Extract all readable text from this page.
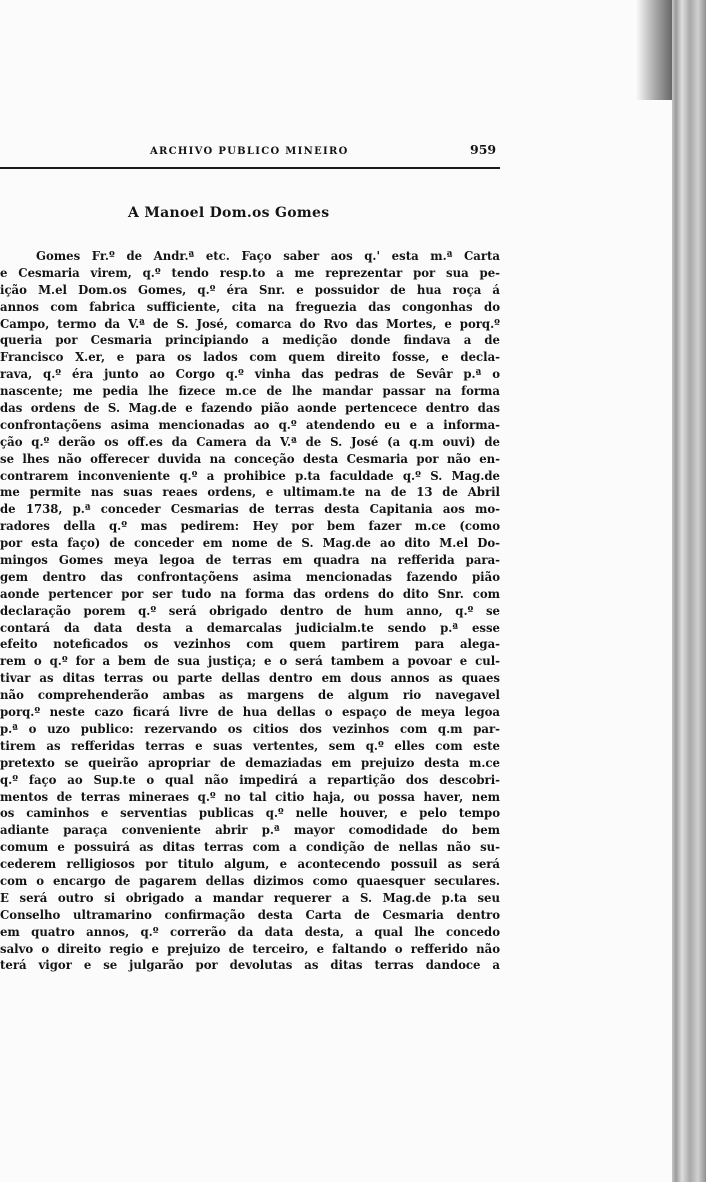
ARCHIVO PUBLICO MINEIRO	959
A Manoel Dom.os Gomes
Gomes Fr.º de Andr.ª etc. Faço saber aos q.' esta m.ª Carta
e Cesmaria virem, q.º tendo resp.to a me reprezentar por sua pe-
ição M.el Dom.os Gomes, q.º éra Snr. e possuidor de hua roça á
annos com fabrica sufficiente, cita na freguezia das congonhas do
Campo, termo da V.ª de S. José, comarca do Rvo das Mortes, e porq.º
queria por Cesmaria principiando a medição donde findava a de
Francisco X.er, e para os lados com quem direito fosse, e decla-
rava, q.º éra junto ao Corgo q.º vinha das pedras de Sevâr p.ª o
nascente; me pedia lhe fizece m.ce de lhe mandar passar na forma
das ordens de S. Mag.de e fazendo pião aonde pertencece dentro das
confrontaçõens asima mencionadas ao q.º atendendo eu e a informa-
ção q.º derão os off.es da Camera da V.ª de S. José (a q.m ouvi) de
se lhes não offerecer duvida na conceção desta Cesmaria por não en-
contrarem inconveniente q.º a prohibice p.ta faculdade q.º S. Mag.de
me permite nas suas reaes ordens, e ultimam.te na de 13 de Abril
de 1738, p.ª conceder Cesmarias de terras desta Capitania aos mo-
radores della q.º mas pedirem: Hey por bem fazer m.ce (como
por esta faço) de conceder em nome de S. Mag.de ao dito M.el Do-
mingos Gomes meya legoa de terras em quadra na refferida para-
gem dentro das confrontaçõens asima mencionadas fazendo pião
aonde pertencer por ser tudo na forma das ordens do dito Snr. com
declaração porem q.º será obrigado dentro de hum anno, q.º se
contará da data desta a demarcalas judicialm.te sendo p.ª esse
efeito noteficados os vezinhos com quem partirem para alega-
rem o q.º for a bem de sua justiça; e o será tambem a povoar e cul-
tivar as ditas terras ou parte dellas dentro em dous annos as quaes
não comprehenderão ambas as margens de algum rio navegavel
porq.º neste cazo ficará livre de hua dellas o espaço de meya legoa
p.ª o uzo publico: rezervando os citios dos vezinhos com q.m par-
tirem as refferidas terras e suas vertentes, sem q.º elles com este
pretexto se queirão apropriar de demaziadas em prejuizo desta m.ce
q.º faço ao Sup.te o qual não impedirá a repartição dos descobri-
mentos de terras mineraes q.º no tal citio haja, ou possa haver, nem
os caminhos e serventias publicas q.º nelle houver, e pelo tempo
adiante paraça conveniente abrir p.ª mayor comodidade do bem
comum e possuirá as ditas terras com a condição de nellas não su-
cederem relligiosos por titulo algum, e acontecendo possuil as será
com o encargo de pagarem dellas dizimos como quaesquer seculares.
E será outro si obrigado a mandar requerer a S. Mag.de p.ta seu
Conselho ultramarino confirmação desta Carta de Cesmaria dentro
em quatro annos, q.º correrão da data desta, a qual lhe concedo
salvo o direito regio e prejuizo de terceiro, e faltando o refferido não
terá vigor e se julgarão por devolutas as ditas terras dandoce a
